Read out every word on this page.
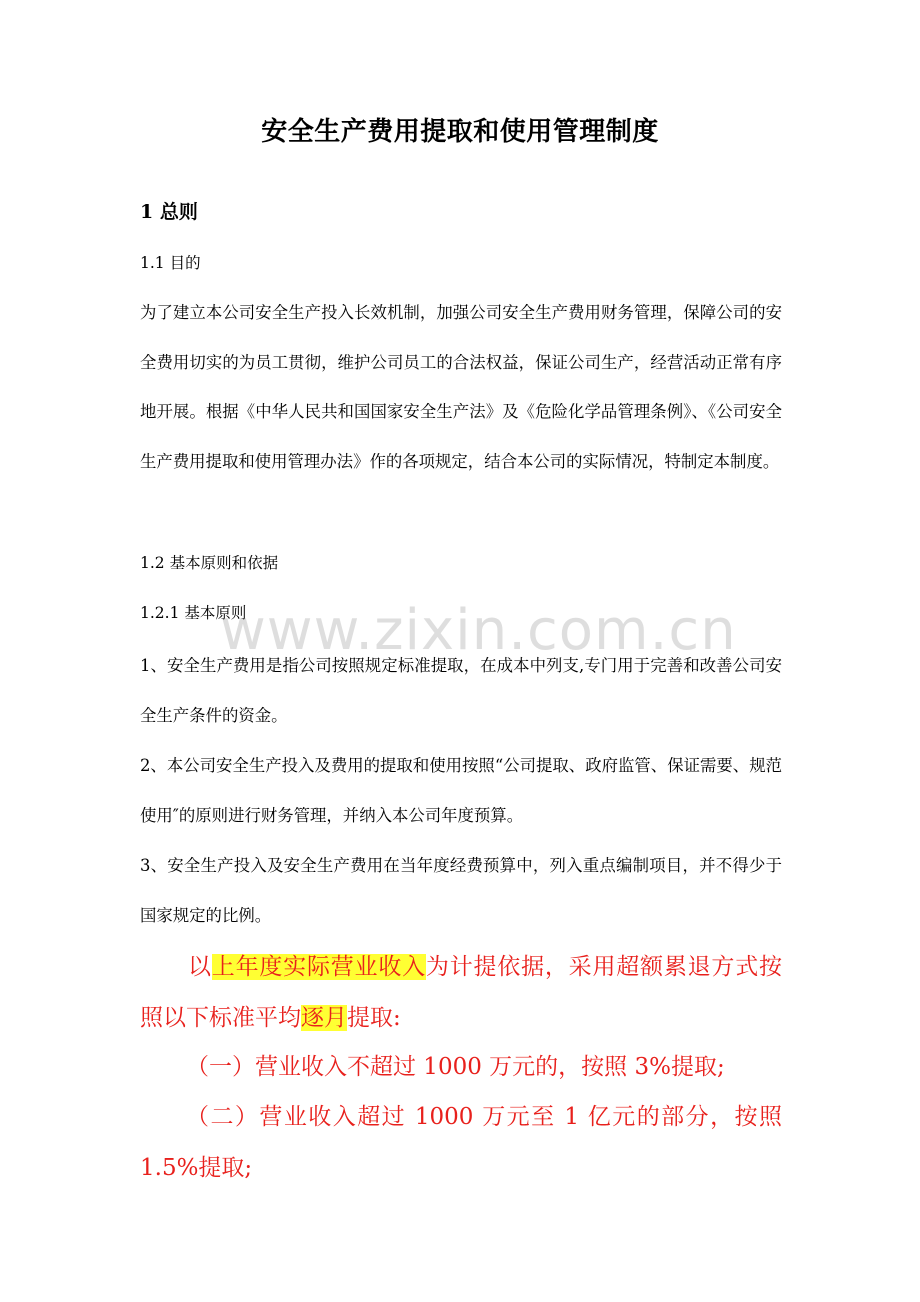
安全生产费用提取和使用管理制度
1 总则
1.1 目的
为了建立本公司安全生产投入长效机制，加强公司安全生产费用财务管理，保障公司的安全费用切实的为员工贯彻，维护公司员工的合法权益，保证公司生产，经营活动正常有序地开展。根据《中华人民共和国国家安全生产法》及《危险化学品管理条例》、《公司安全生产费用提取和使用管理办法》作的各项规定，结合本公司的实际情况，特制定本制度。
1.2 基本原则和依据
1.2.1 基本原则
1、安全生产费用是指公司按照规定标准提取，在成本中列支,专门用于完善和改善公司安全生产条件的资金。
2、本公司安全生产投入及费用的提取和使用按照“公司提取、政府监管、保证需要、规范使用″的原则进行财务管理，并纳入本公司年度预算。
3、安全生产投入及安全生产费用在当年度经费预算中，列入重点编制项目，并不得少于国家规定的比例。
以上年度实际营业收入为计提依据，采用超额累退方式按照以下标准平均逐月提取:
（一）营业收入不超过 1000 万元的，按照 3%提取;
（二）营业收入超过 1000 万元至 1 亿元的部分，按照 1.5%提取;
www.zixin.com.cn
